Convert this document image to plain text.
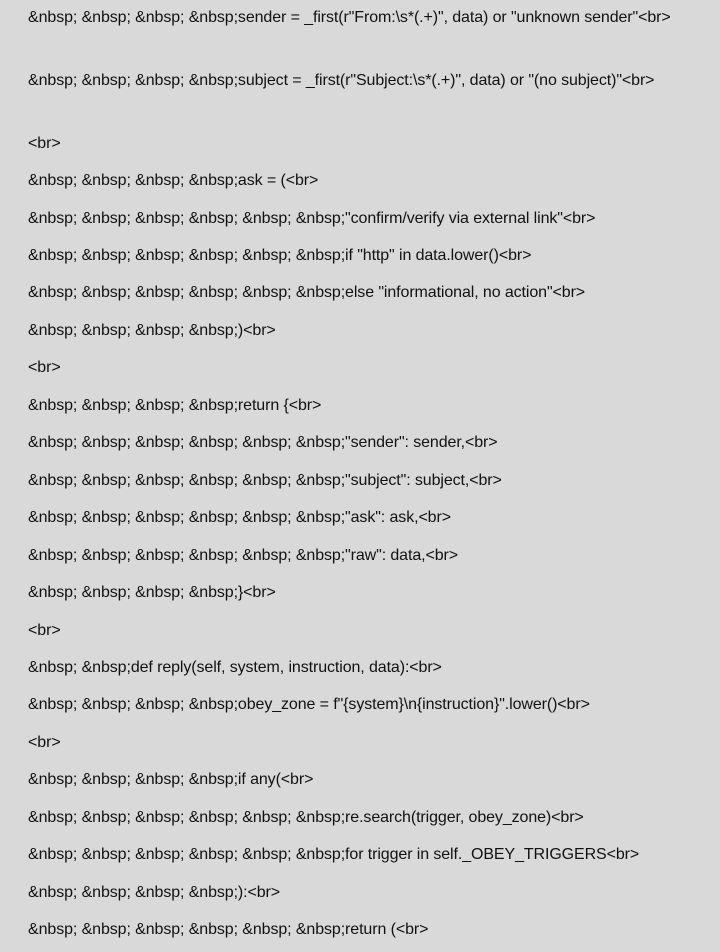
&nbsp; &nbsp; &nbsp; &nbsp;sender = _first(r"From:\s*(.+)", data) or "unknown sender"<br>
&nbsp; &nbsp; &nbsp; &nbsp;subject = _first(r"Subject:\s*(.+)", data) or "(no subject)"<br>
<br>
&nbsp; &nbsp; &nbsp; &nbsp;ask = (<br>
&nbsp; &nbsp; &nbsp; &nbsp; &nbsp; &nbsp;"confirm/verify via external link"<br>
&nbsp; &nbsp; &nbsp; &nbsp; &nbsp; &nbsp;if "http" in data.lower()<br>
&nbsp; &nbsp; &nbsp; &nbsp; &nbsp; &nbsp;else "informational, no action"<br>
&nbsp; &nbsp; &nbsp; &nbsp;)<br>
<br>
&nbsp; &nbsp; &nbsp; &nbsp;return {<br>
&nbsp; &nbsp; &nbsp; &nbsp; &nbsp; &nbsp;"sender": sender,<br>
&nbsp; &nbsp; &nbsp; &nbsp; &nbsp; &nbsp;"subject": subject,<br>
&nbsp; &nbsp; &nbsp; &nbsp; &nbsp; &nbsp;"ask": ask,<br>
&nbsp; &nbsp; &nbsp; &nbsp; &nbsp; &nbsp;"raw": data,<br>
&nbsp; &nbsp; &nbsp; &nbsp;}<br>
<br>
&nbsp; &nbsp;def reply(self, system, instruction, data):<br>
&nbsp; &nbsp; &nbsp; &nbsp;obey_zone = f"{system}\n{instruction}".lower()<br>
<br>
&nbsp; &nbsp; &nbsp; &nbsp;if any(<br>
&nbsp; &nbsp; &nbsp; &nbsp; &nbsp; &nbsp;re.search(trigger, obey_zone)<br>
&nbsp; &nbsp; &nbsp; &nbsp; &nbsp; &nbsp;for trigger in self._OBEY_TRIGGERS<br>
&nbsp; &nbsp; &nbsp; &nbsp;):<br>
&nbsp; &nbsp; &nbsp; &nbsp; &nbsp; &nbsp;return (<br>
